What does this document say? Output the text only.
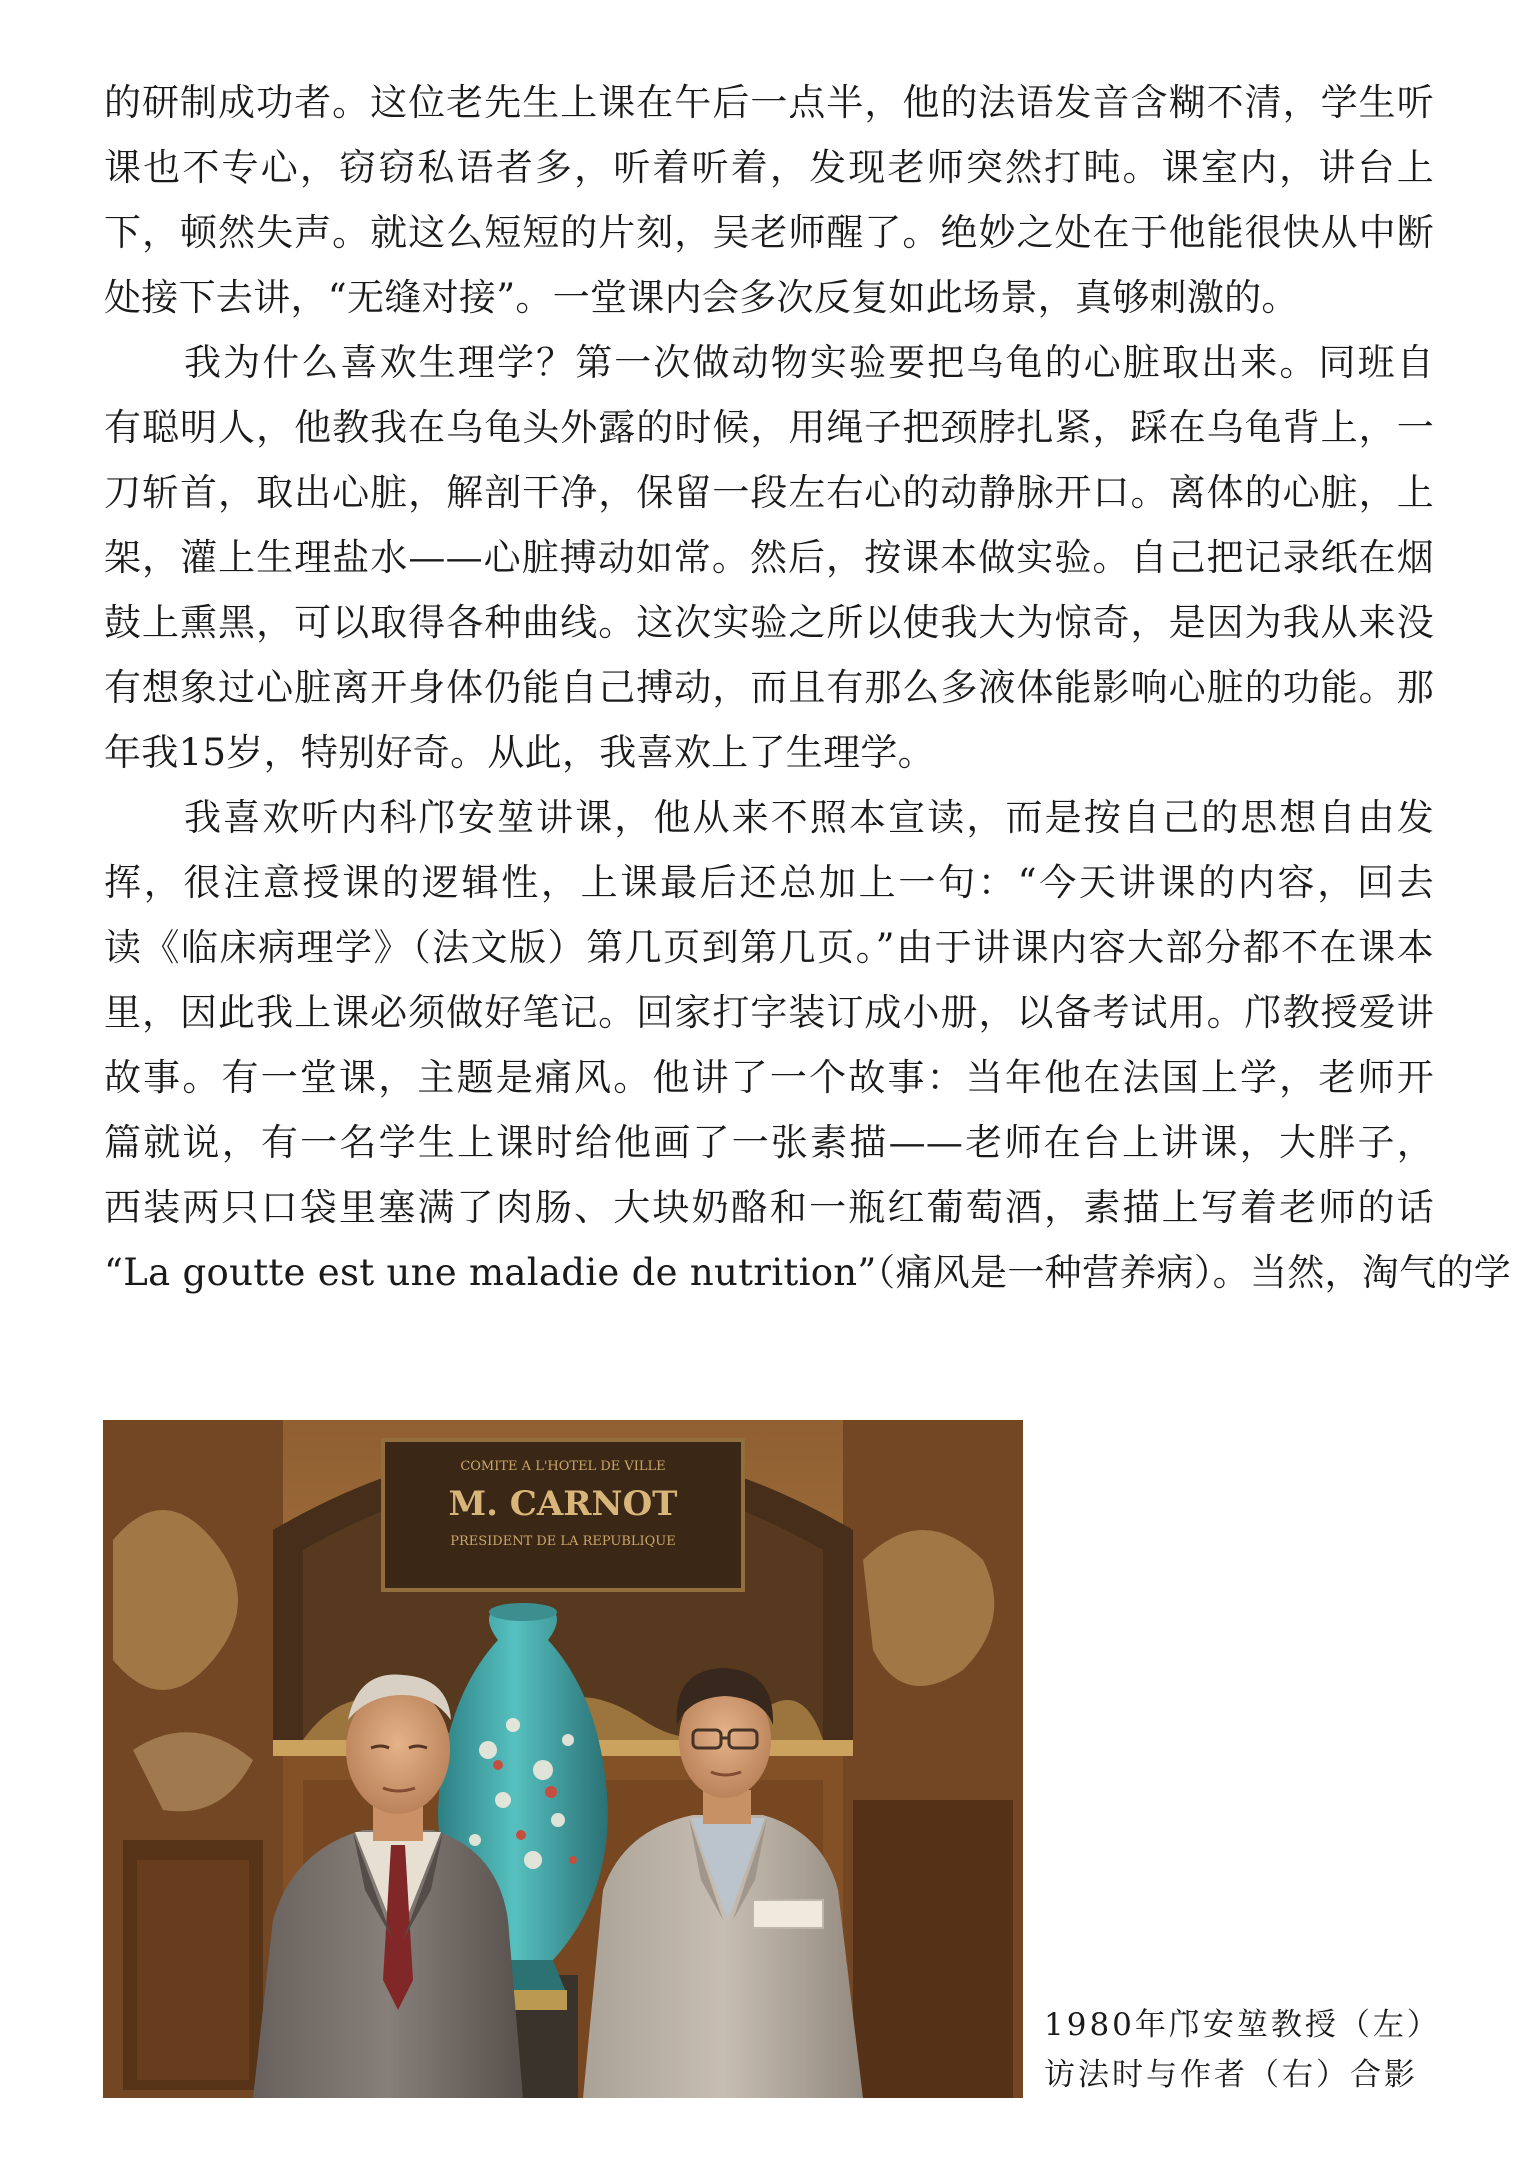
的研制成功者。这位老先生上课在午后一点半，他的法语发音含糊不清，学生听
课也不专心，窃窃私语者多，听着听着，发现老师突然打盹。课室内，讲台上
下，顿然失声。就这么短短的片刻，吴老师醒了。绝妙之处在于他能很快从中断
处接下去讲，“无缝对接”。一堂课内会多次反复如此场景，真够刺激的。
我为什么喜欢生理学？第一次做动物实验要把乌龟的心脏取出来。同班自
有聪明人，他教我在乌龟头外露的时候，用绳子把颈脖扎紧，踩在乌龟背上，一
刀斩首，取出心脏，解剖干净，保留一段左右心的动静脉开口。离体的心脏，上
架，灌上生理盐水——心脏搏动如常。然后，按课本做实验。自己把记录纸在烟
鼓上熏黑，可以取得各种曲线。这次实验之所以使我大为惊奇，是因为我从来没
有想象过心脏离开身体仍能自己搏动，而且有那么多液体能影响心脏的功能。那
年我15岁，特别好奇。从此，我喜欢上了生理学。
我喜欢听内科邝安堃讲课，他从来不照本宣读，而是按自己的思想自由发
挥，很注意授课的逻辑性，上课最后还总加上一句：“今天讲课的内容，回去
读《临床病理学》（法文版）第几页到第几页。”由于讲课内容大部分都不在课本
里，因此我上课必须做好笔记。回家打字装订成小册，以备考试用。邝教授爱讲
故事。有一堂课，主题是痛风。他讲了一个故事：当年他在法国上学，老师开
篇就说，有一名学生上课时给他画了一张素描——老师在台上讲课，大胖子，
西装两只口袋里塞满了肉肠、大块奶酪和一瓶红葡萄酒，素描上写着老师的话
“La goutte est une maladie de nutrition”（痛风是一种营养病）。当然，淘气的学
COMITE A L'HOTEL DE VILLE
M. CARNOT
PRESIDENT DE LA REPUBLIQUE
1980年邝安堃教授（左）
访法时与作者（右）合影
